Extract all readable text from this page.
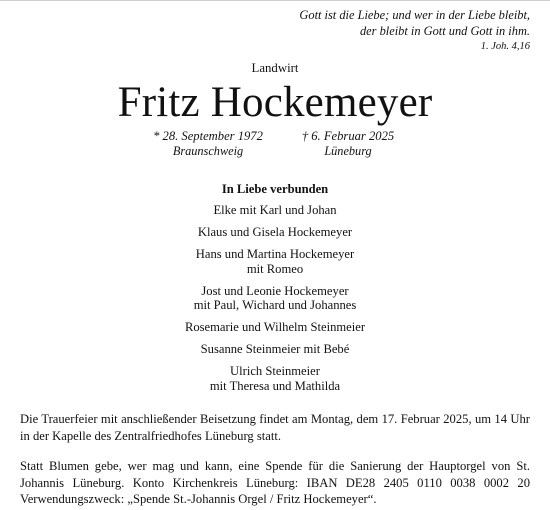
Gott ist die Liebe; und wer in der Liebe bleibt,
der bleibt in Gott und Gott in ihm.
1. Joh. 4,16
Landwirt
Fritz Hockemeyer
* 28. September 1972
Braunschweig
† 6. Februar 2025
Lüneburg
In Liebe verbunden
Elke mit Karl und Johan
Klaus und Gisela Hockemeyer
Hans und Martina Hockemeyer
mit Romeo
Jost und Leonie Hockemeyer
mit Paul, Wichard und Johannes
Rosemarie und Wilhelm Steinmeier
Susanne Steinmeier mit Bebé
Ulrich Steinmeier
mit Theresa und Mathilda
Die Trauerfeier mit anschließender Beisetzung findet am Montag, dem 17. Februar 2025, um 14 Uhr in der Kapelle des Zentralfriedhofes Lüneburg statt.
Statt Blumen gebe, wer mag und kann, eine Spende für die Sanierung der Hauptorgel von St. Johannis Lüneburg. Konto Kirchenkreis Lüneburg: IBAN DE28 2405 0110 0038 0002 20 Verwendungszweck: „Spende St.-Johannis Orgel / Fritz Hockemeyer“.
